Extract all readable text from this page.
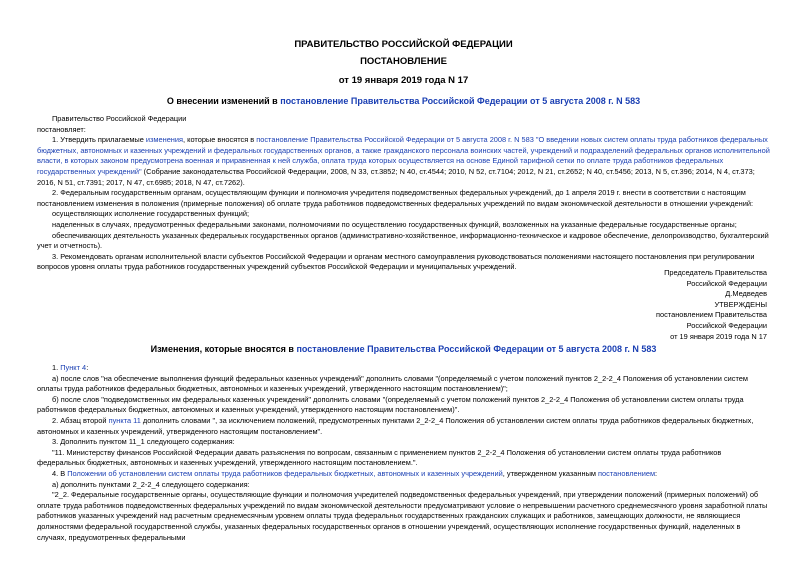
ПРАВИТЕЛЬСТВО РОССИЙСКОЙ ФЕДЕРАЦИИ
ПОСТАНОВЛЕНИЕ
от 19 января 2019 года N 17
О внесении изменений в постановление Правительства Российской Федерации от 5 августа 2008 г. N 583

Правительство Российской Федерации

постановляет:

1. Утвердить прилагаемые изменения, которые вносятся в постановление Правительства Российской Федерации от 5 августа 2008 г. N 583 "О введении новых систем оплаты труда работников федеральных бюджетных, автономных и казенных учреждений и федеральных государственных органов, а также гражданского персонала воинских частей, учреждений и подразделений федеральных органов исполнительной власти, в которых законом предусмотрена военная и приравненная к ней служба, оплата труда которых осуществляется на основе Единой тарифной сетки по оплате труда работников федеральных государственных учреждений" (Собрание законодательства Российской Федерации, 2008, N 33, ст.3852; N 40, ст.4544; 2010, N 52, ст.7104; 2012, N 21, ст.2652; N 40, ст.5456; 2013, N 5, ст.396; 2014, N 4, ст.373; 2016, N 51, ст.7391; 2017, N 47, ст.6985; 2018, N 47, ст.7262).

2. Федеральным государственным органам, осуществляющим функции и полномочия учредителя подведомственных федеральных учреждений, до 1 апреля 2019 г. внести в соответствии с настоящим постановлением изменения в положения (примерные положения) об оплате труда работников подведомственных федеральных учреждений по видам экономической деятельности в отношении учреждений:

осуществляющих исполнение государственных функций;

наделенных в случаях, предусмотренных федеральными законами, полномочиями по осуществлению государственных функций, возложенных на указанные федеральные государственные органы;

обеспечивающих деятельность указанных федеральных государственных органов (административно-хозяйственное, информационно-техническое и кадровое обеспечение, делопроизводство, бухгалтерский учет и отчетность).

3. Рекомендовать органам исполнительной власти субъектов Российской Федерации и органам местного самоуправления руководствоваться положениями настоящего постановления при регулировании вопросов уровня оплаты труда работников государственных учреждений субъектов Российской Федерации и муниципальных учреждений.

Председатель Правительства
Российской Федерации
Д.Медведев
УТВЕРЖДЕНЫ
постановлением Правительства
Российской Федерации
от 19 января 2019 года N 17
Изменения, которые вносятся в постановление Правительства Российской Федерации от 5 августа 2008 г. N 583

1. Пункт 4:

а) после слов "на обеспечение выполнения функций федеральных казенных учреждений" дополнить словами "(определяемый с учетом положений пунктов 2_2-2_4 Положения об установлении систем оплаты труда работников федеральных бюджетных, автономных и казенных учреждений, утвержденного настоящим постановлением)";

б) после слов "подведомственных им федеральных казенных учреждений" дополнить словами "(определяемый с учетом положений пунктов 2_2-2_4 Положения об установлении систем оплаты труда работников федеральных бюджетных, автономных и казенных учреждений, утвержденного настоящим постановлением)".

2. Абзац второй пункта 11 дополнить словами ", за исключением положений, предусмотренных пунктами 2_2-2_4 Положения об установлении систем оплаты труда работников федеральных бюджетных, автономных и казенных учреждений, утвержденного настоящим постановлением".

3. Дополнить пунктом 11_1 следующего содержания:

"11. Министерству финансов Российской Федерации давать разъяснения по вопросам, связанным с применением пунктов 2_2-2_4 Положения об установлении систем оплаты труда работников федеральных бюджетных, автономных и казенных учреждений, утвержденного настоящим постановлением.".

4. В Положении об установлении систем оплаты труда работников федеральных бюджетных, автономных и казенных учреждений, утвержденном указанным постановлением:

а) дополнить пунктами 2_2-2_4 следующего содержания:

"2_2. Федеральные государственные органы, осуществляющие функции и полномочия учредителей подведомственных федеральных учреждений, при утверждении положений (примерных положений) об оплате труда работников подведомственных федеральных учреждений по видам экономической деятельности предусматривают условие о непревышении расчетного среднемесячного уровня заработной платы работников указанных учреждений над расчетным среднемесячным уровнем оплаты труда федеральных государственных гражданских служащих и работников, замещающих должности, не являющиеся должностями федеральной государственной службы, указанных федеральных государственных органов в отношении учреждений, осуществляющих исполнение государственных функций, наделенных в случаях, предусмотренных федеральными
